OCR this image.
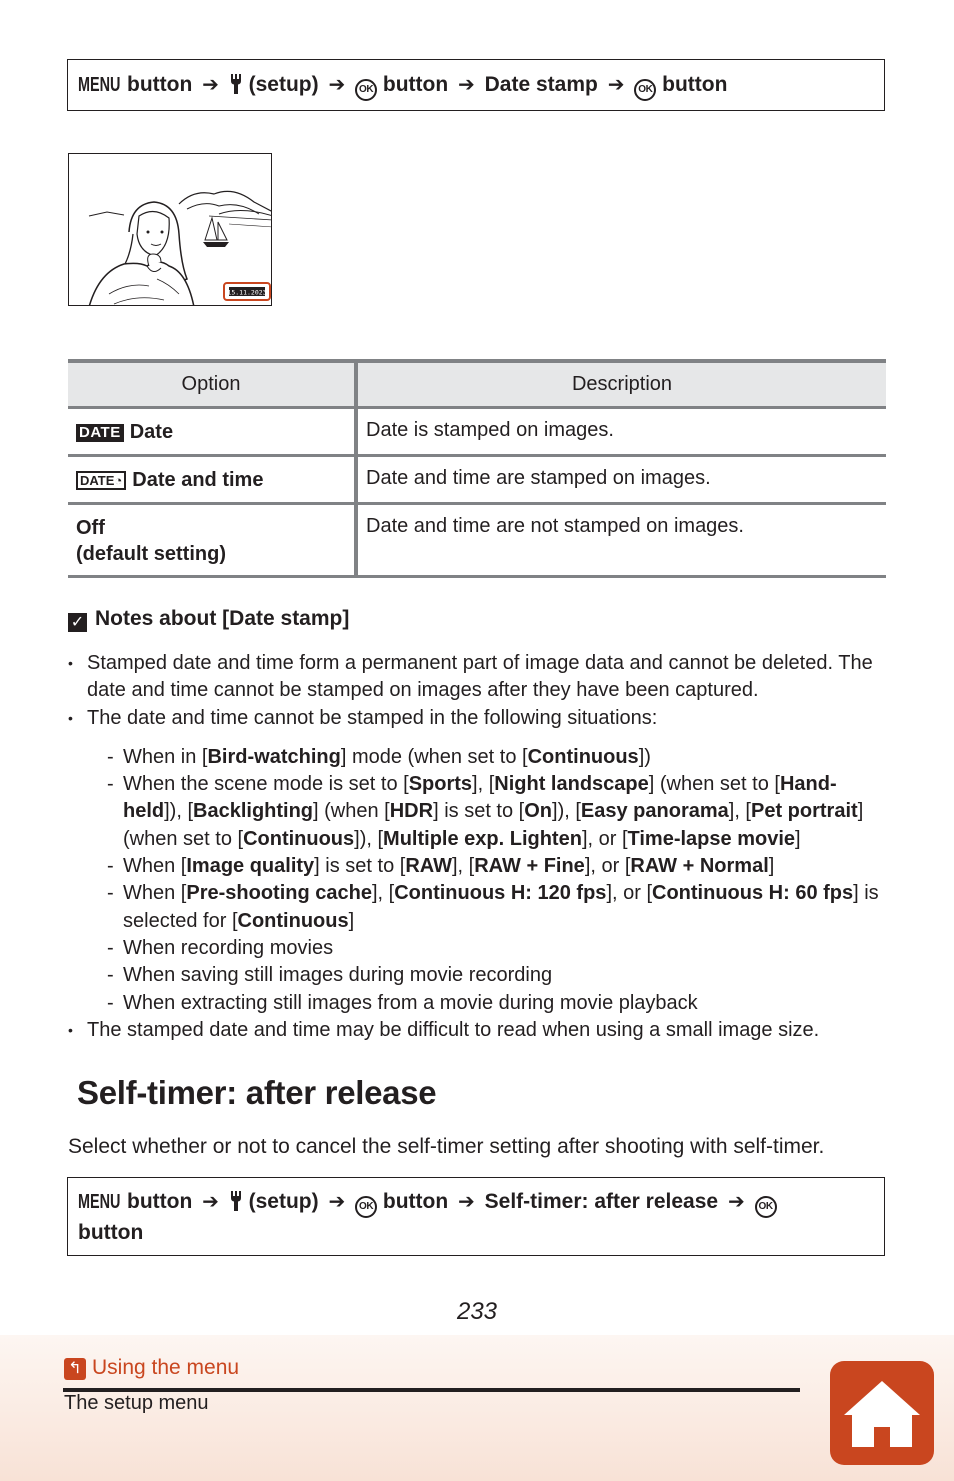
MENU button ➔ (setup) ➔ OK button ➔ Date stamp ➔ OK button
15.11.2023
Option	Description
DATE Date	Date is stamped on images.
DATE◔ Date and time	Date and time are stamped on images.

Off
(default setting)	Date and time are not stamped on images.
✓ Notes about [Date stamp]
• Stamped date and time form a permanent part of image data and cannot be deleted. The date and time cannot be stamped on images after they have been captured.
• The date and time cannot be stamped in the following situations:
- When in [Bird-watching] mode (when set to [Continuous])
- When the scene mode is set to [Sports], [Night landscape] (when set to [Hand-held]), [Backlighting] (when [HDR] is set to [On]), [Easy panorama], [Pet portrait] (when set to [Continuous]), [Multiple exp. Lighten], or [Time-lapse movie]
- When [Image quality] is set to [RAW], [RAW + Fine], or [RAW + Normal]
- When [Pre-shooting cache], [Continuous H: 120 fps], or [Continuous H: 60 fps] is selected for [Continuous]
- When recording movies
- When saving still images during movie recording
- When extracting still images from a movie during movie playback
• The stamped date and time may be difficult to read when using a small image size.
Self-timer: after release
Select whether or not to cancel the self-timer setting after shooting with self-timer.
MENU button ➔ (setup) ➔ OK button ➔ Self-timer: after release ➔ OK
button
233
↰ Using the menu
The setup menu
